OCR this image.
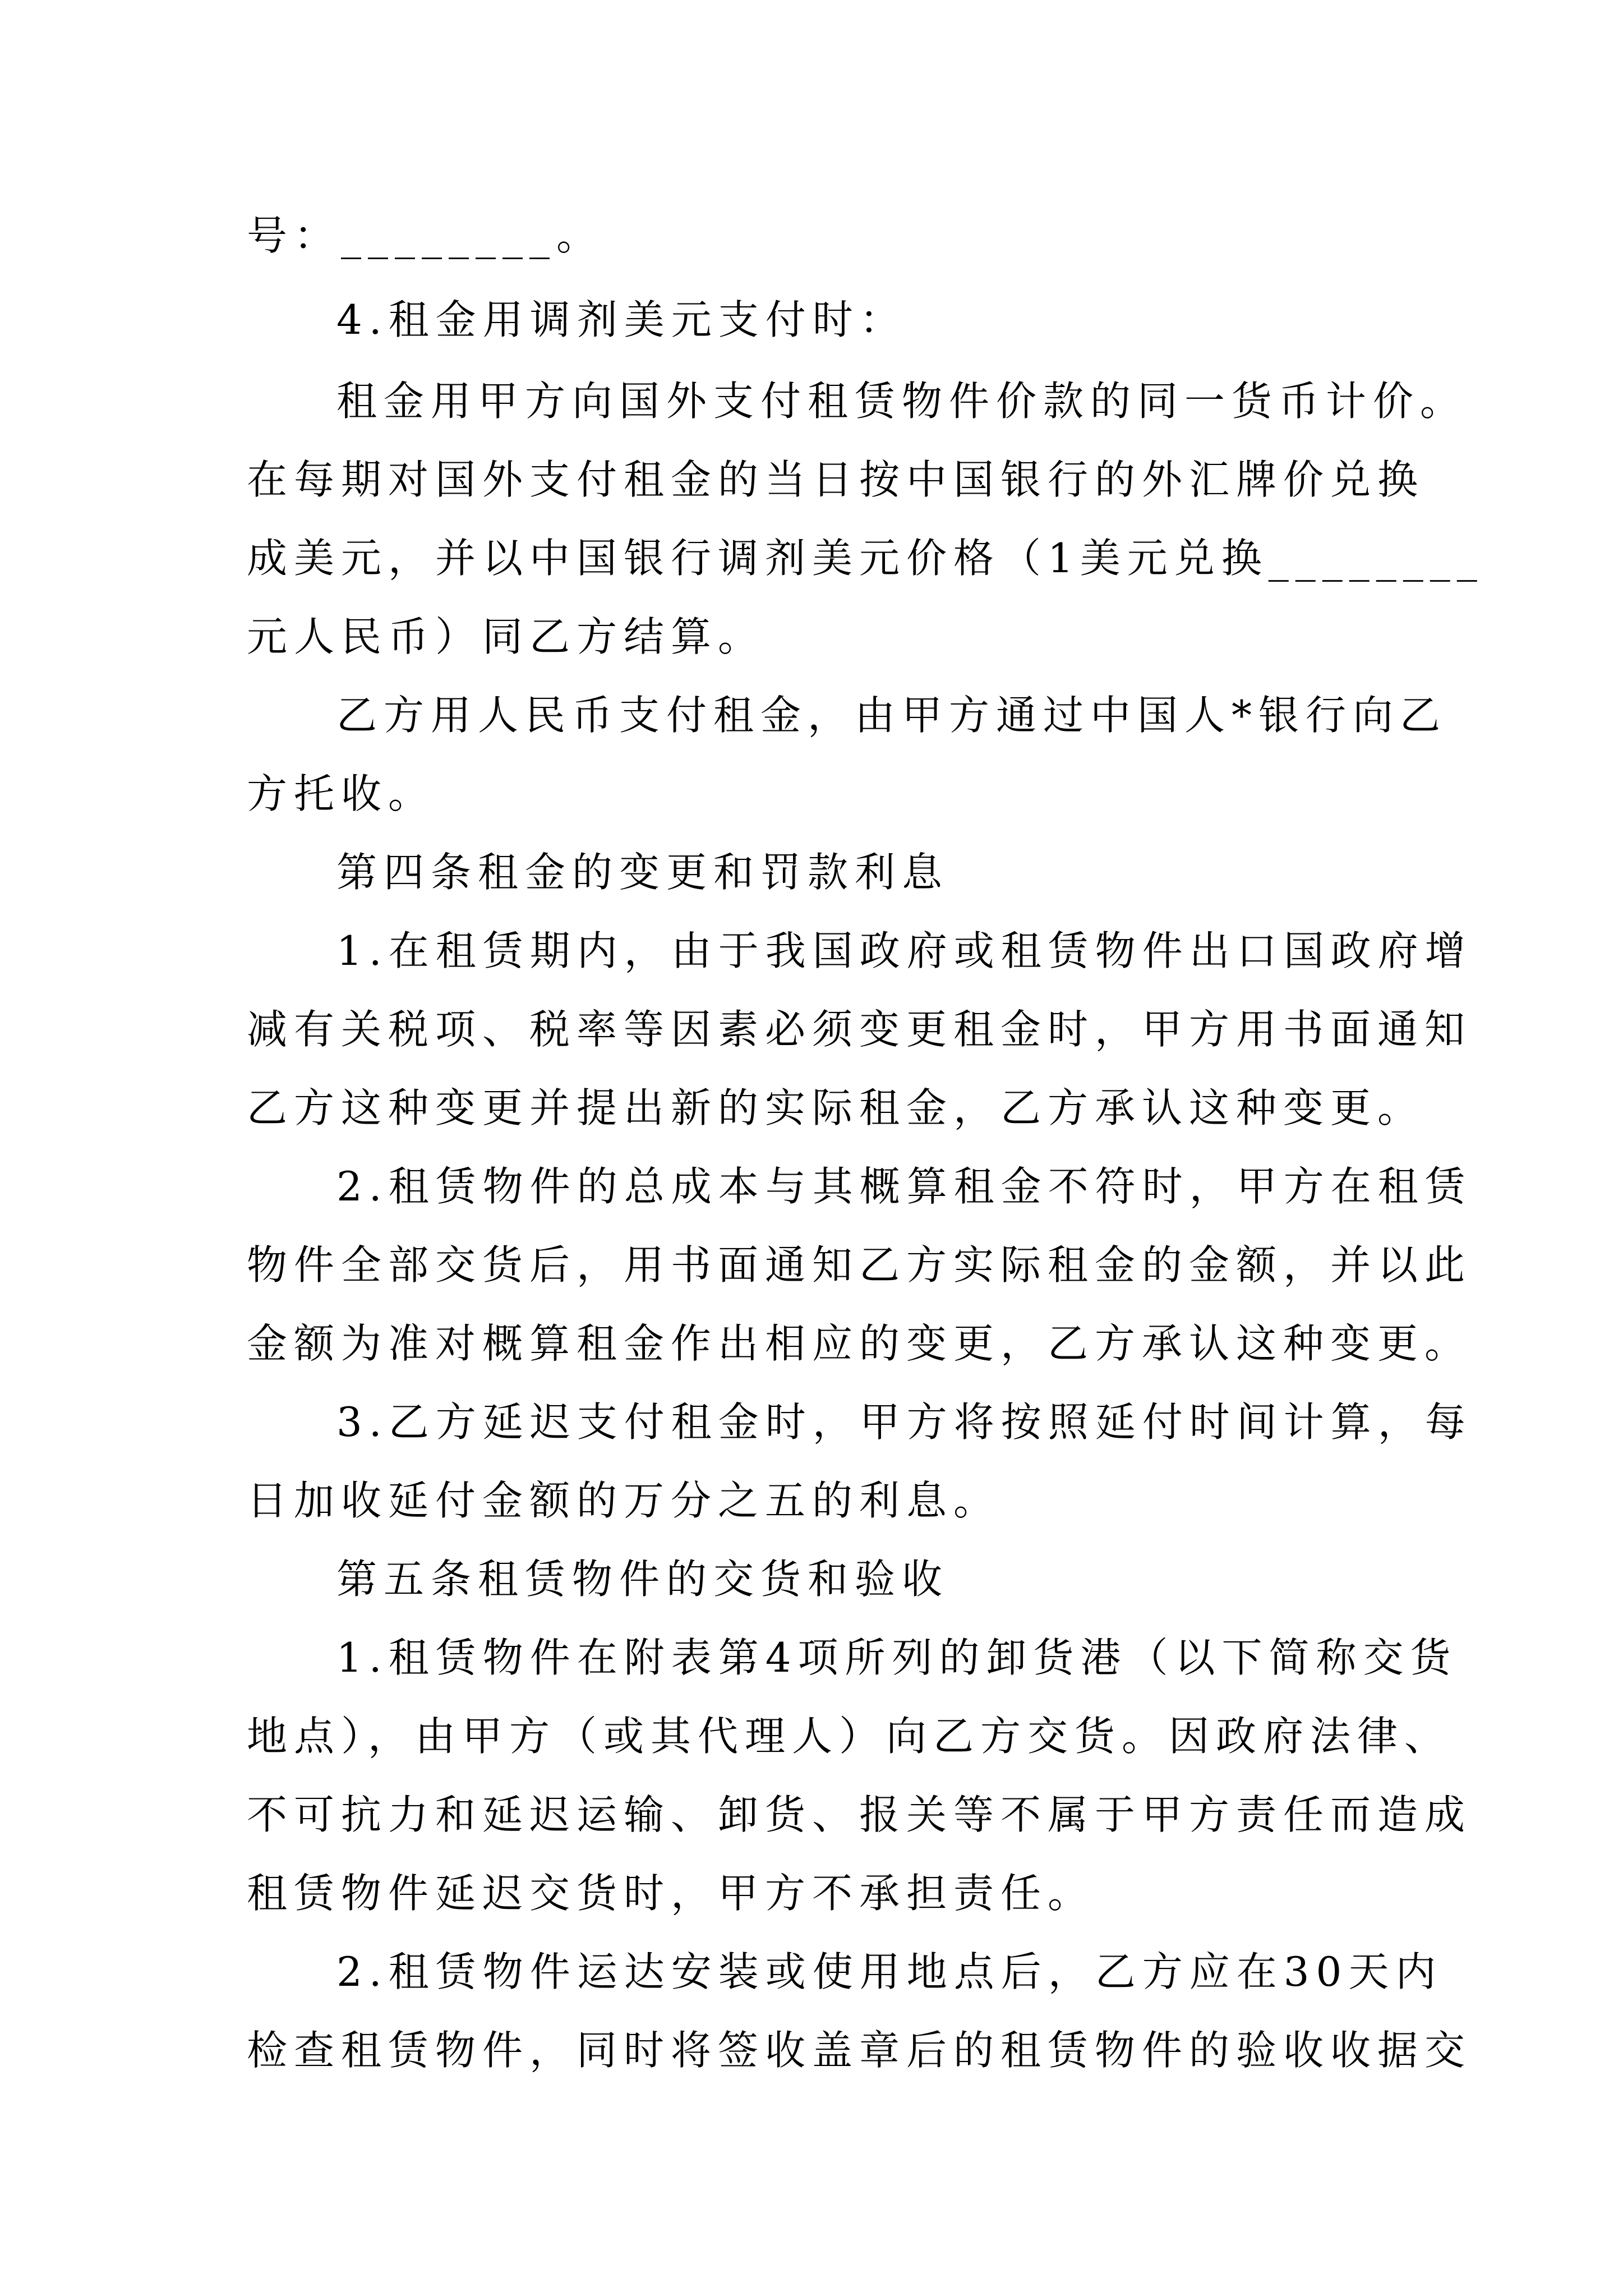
号：________。
4.租金用调剂美元支付时：
租金用甲方向国外支付租赁物件价款的同一货币计价。
在每期对国外支付租金的当日按中国银行的外汇牌价兑换
成美元，并以中国银行调剂美元价格（1美元兑换________
元人民币）同乙方结算。
乙方用人民币支付租金，由甲方通过中国人*银行向乙
方托收。
第四条租金的变更和罚款利息
1.在租赁期内，由于我国政府或租赁物件出口国政府增
减有关税项、税率等因素必须变更租金时，甲方用书面通知
乙方这种变更并提出新的实际租金，乙方承认这种变更。
2.租赁物件的总成本与其概算租金不符时，甲方在租赁
物件全部交货后，用书面通知乙方实际租金的金额，并以此
金额为准对概算租金作出相应的变更，乙方承认这种变更。
3.乙方延迟支付租金时，甲方将按照延付时间计算，每
日加收延付金额的万分之五的利息。
第五条租赁物件的交货和验收
1.租赁物件在附表第4项所列的卸货港（以下简称交货
地点），由甲方（或其代理人）向乙方交货。因政府法律、
不可抗力和延迟运输、卸货、报关等不属于甲方责任而造成
租赁物件延迟交货时，甲方不承担责任。
2.租赁物件运达安装或使用地点后，乙方应在30天内
检查租赁物件，同时将签收盖章后的租赁物件的验收收据交
